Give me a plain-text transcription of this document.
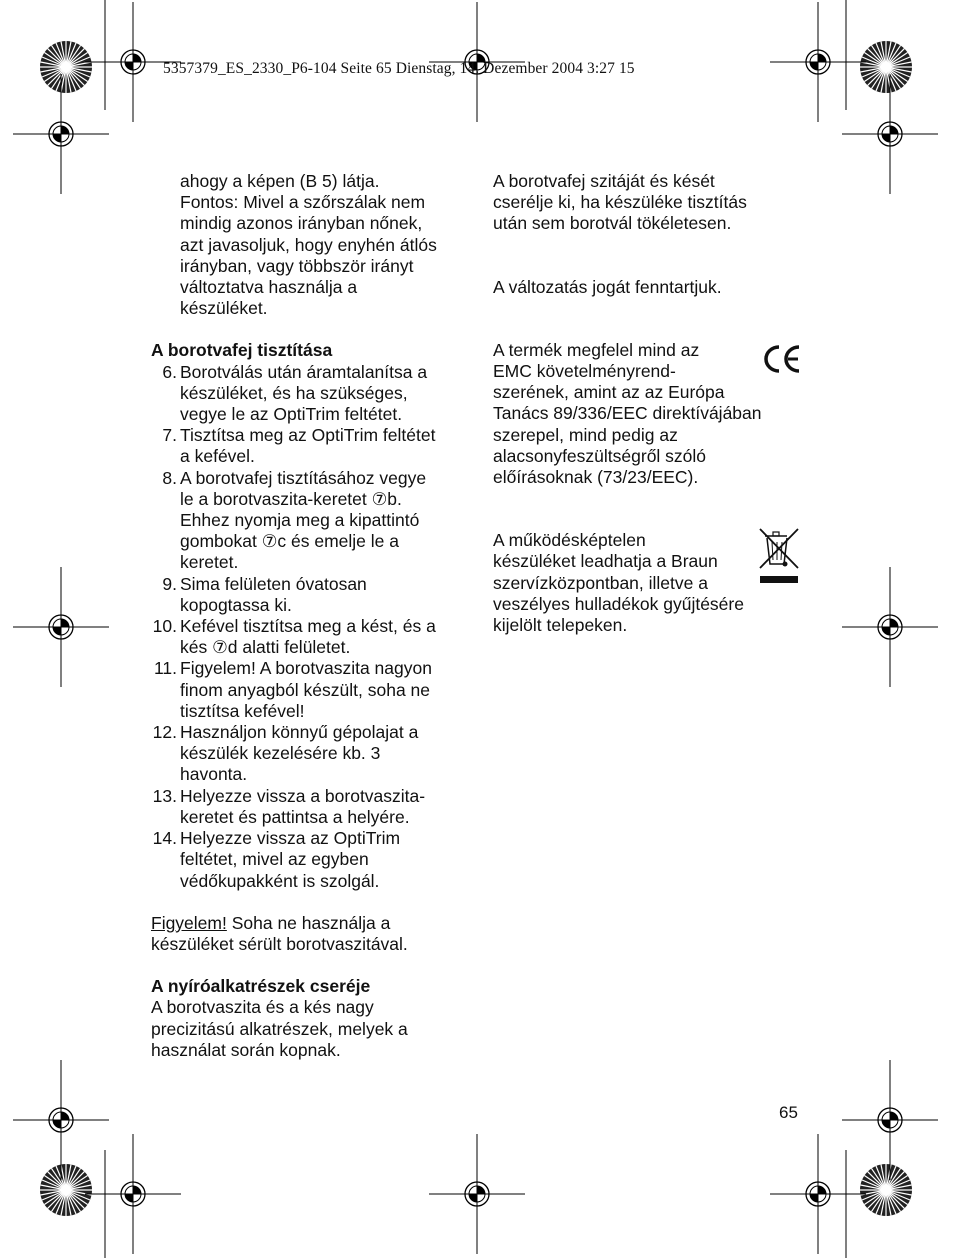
5357379_ES_2330_P6-104 Seite 65 Dienstag, 14. Dezember 2004 3:27 15
ahogy a képen (B 5) látja.
Fontos: Mivel a szőrszálak nem
mindig azonos irányban nőnek,
azt javasoljuk, hogy enyhén átlós
irányban, vagy többször irányt
változtatva használja a
készüléket.
A borotvafej tisztítása
6. Borotválás után áramtalanítsa a
készüléket, és ha szükséges,
vegye le az OptiTrim feltétet.
7. Tisztítsa meg az OptiTrim feltétet
a kefével.
8. A borotvafej tisztításához vegye
le a borotvaszita-keretet ⑦b.
Ehhez nyomja meg a kipattintó
gombokat ⑦c és emelje le a
keretet.
9. Sima felületen óvatosan
kopogtassa ki.
10. Kefével tisztítsa meg a kést, és a
kés ⑦d alatti felületet.
11. Figyelem! A borotvaszita nagyon
finom anyagból készült, soha ne
tisztítsa kefével!
12. Használjon könnyű gépolajat a
készülék kezelésére kb. 3
havonta.
13. Helyezze vissza a borotvaszita-
keretet és pattintsa a helyére.
14. Helyezze vissza az OptiTrim
feltétet, mivel az egyben
védőkupakként is szolgál.
Figyelem! Soha ne használja a
készüléket sérült borotvaszitával.
A nyíróalkatrészek cseréje
A borotvaszita és a kés nagy
precizitású alkatrészek, melyek a
használat során kopnak.
A borotvafej szitáját és kését
cserélje ki, ha készüléke tisztítás
után sem borotvál tökéletesen.
A változatás jogát fenntartjuk.
A termék megfelel mind az
EMC követelményrend-
szerének, amint az az Európa
Tanács 89/336/EEC direktívájában
szerepel, mind pedig az
alacsonyfeszültségről szóló
előírásoknak (73/23/EEC).
A működésképtelen
készüléket leadhatja a Braun
szervízközpontban, illetve a
veszélyes hulladékok gyűjtésére
kijelölt telepeken.
65
